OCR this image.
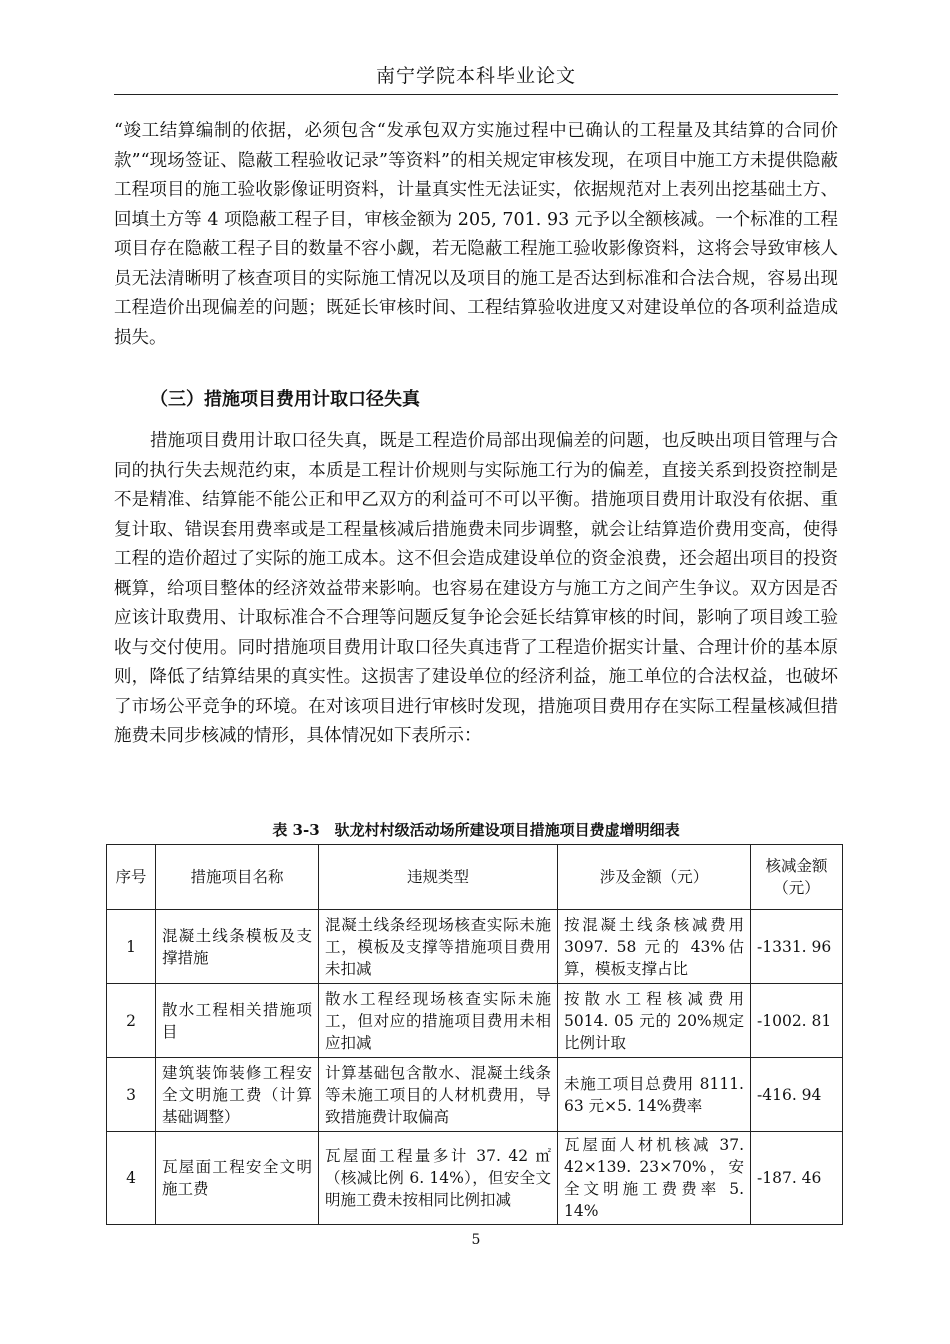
南宁学院本科毕业论文

“竣工结算编制的依据，必须包含“发承包双方实施过程中已确认的工程量及其结算的合同价款”“现场签证、隐蔽工程验收记录”等资料”的相关规定审核发现，在项目中施工方未提供隐蔽工程项目的施工验收影像证明资料，计量真实性无法证实，依据规范对上表列出挖基础土方、回填土方等 4 项隐蔽工程子目，审核金额为 205, 701. 93 元予以全额核减。一个标准的工程项目存在隐蔽工程子目的数量不容小觑，若无隐蔽工程施工验收影像资料，这将会导致审核人员无法清晰明了核查项目的实际施工情况以及项目的施工是否达到标准和合法合规，容易出现工程造价出现偏差的问题；既延长审核时间、工程结算验收进度又对建设单位的各项利益造成损失。

（三）措施项目费用计取口径失真

措施项目费用计取口径失真，既是工程造价局部出现偏差的问题，也反映出项目管理与合同的执行失去规范约束，本质是工程计价规则与实际施工行为的偏差，直接关系到投资控制是不是精准、结算能不能公正和甲乙双方的利益可不可以平衡。措施项目费用计取没有依据、重复计取、错误套用费率或是工程量核减后措施费未同步调整，就会让结算造价费用变高，使得工程的造价超过了实际的施工成本。这不但会造成建设单位的资金浪费，还会超出项目的投资概算，给项目整体的经济效益带来影响。也容易在建设方与施工方之间产生争议。双方因是否应该计取费用、计取标准合不合理等问题反复争论会延长结算审核的时间，影响了项目竣工验收与交付使用。同时措施项目费用计取口径失真违背了工程造价据实计量、合理计价的基本原则，降低了结算结果的真实性。这损害了建设单位的经济利益，施工单位的合法权益，也破坏了市场公平竞争的环境。在对该项目进行审核时发现，措施项目费用存在实际工程量核减但措施费未同步核减的情形，具体情况如下表所示：

表 3-3　驮龙村村级活动场所建设项目措施项目费虚增明细表
序号	措施项目名称	违规类型	涉及金额（元）	核减金额（元）
1	混凝土线条模板及支撑措施	混凝土线条经现场核查实际未施工，模板及支撑等措施项目费用未扣减	按混凝土线条核减费用 3097. 58 元的 43%估算，模板支撑占比	-1331. 96
2	散水工程相关措施项目	散水工程经现场核查实际未施工，但对应的措施项目费用未相应扣减	按散水工程核减费用 5014. 05 元的 20%规定比例计取	-1002. 81
3	建筑装饰装修工程安全文明施工费（计算基础调整）	计算基础包含散水、混凝土线条等未施工项目的人材机费用，导致措施费计取偏高	未施工项目总费用 8111. 63 元×5. 14%费率	-416. 94
4	瓦屋面工程安全文明施工费	瓦屋面工程量多计 37. 42 ㎡（核减比例 6. 14%），但安全文明施工费未按相同比例扣减	瓦屋面人材机核减 37. 42×139. 23×70%，安全文明施工费费率 5. 14%	-187. 46
5
